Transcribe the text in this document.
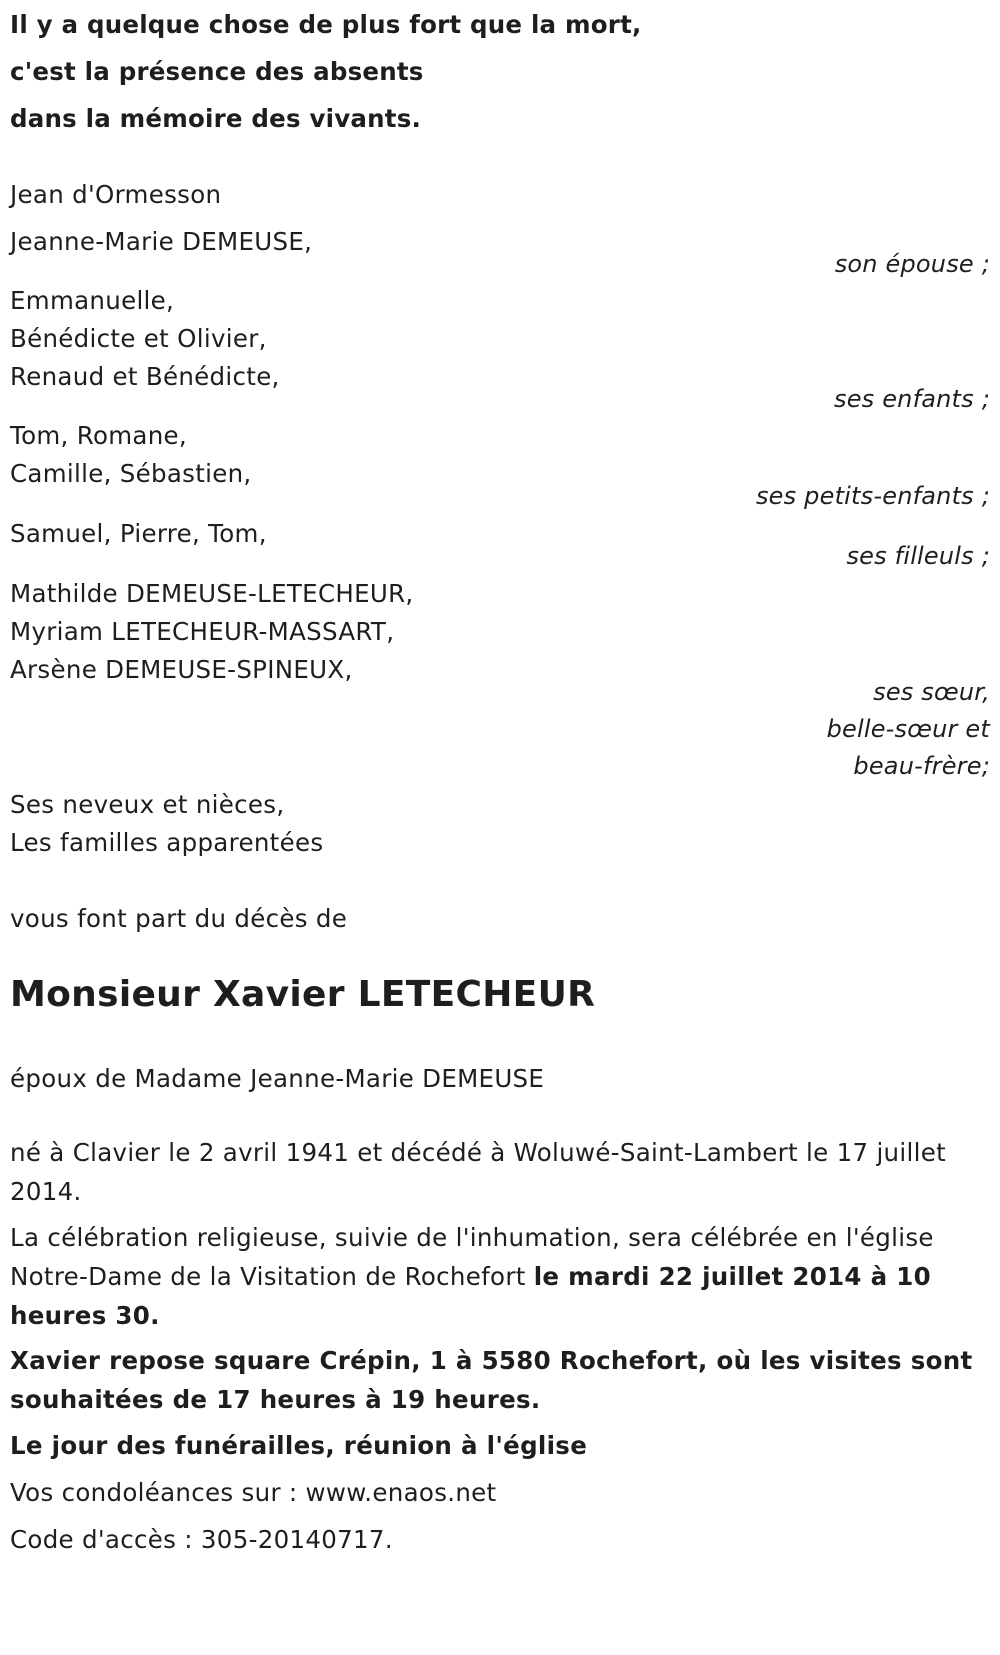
Il y a quelque chose de plus fort que la mort,
c'est la présence des absents
dans la mémoire des vivants.
Jean d'Ormesson
Jeanne-Marie DEMEUSE,
son épouse ;
Emmanuelle,
Bénédicte et Olivier,
Renaud et Bénédicte,
ses enfants ;
Tom, Romane,
Camille, Sébastien,
ses petits-enfants ;
Samuel, Pierre, Tom,
ses filleuls ;
Mathilde DEMEUSE-LETECHEUR,
Myriam LETECHEUR-MASSART,
Arsène DEMEUSE-SPINEUX,
ses sœur,
belle-sœur et
beau-frère;
Ses neveux et nièces,
Les familles apparentées
vous font part du décès de
Monsieur Xavier LETECHEUR
époux de Madame Jeanne-Marie DEMEUSE
né à Clavier le 2 avril 1941 et décédé à Woluwé-Saint-Lambert le 17 juillet 2014.
La célébration religieuse, suivie de l'inhumation, sera célébrée en l'église Notre-Dame de la Visitation de Rochefort le mardi 22 juillet 2014 à 10 heures 30.
Xavier repose square Crépin, 1 à 5580 Rochefort, où les visites sont souhaitées de 17 heures à 19 heures.
Le jour des funérailles, réunion à l'église
Vos condoléances sur : www.enaos.net
Code d'accès : 305-20140717.
